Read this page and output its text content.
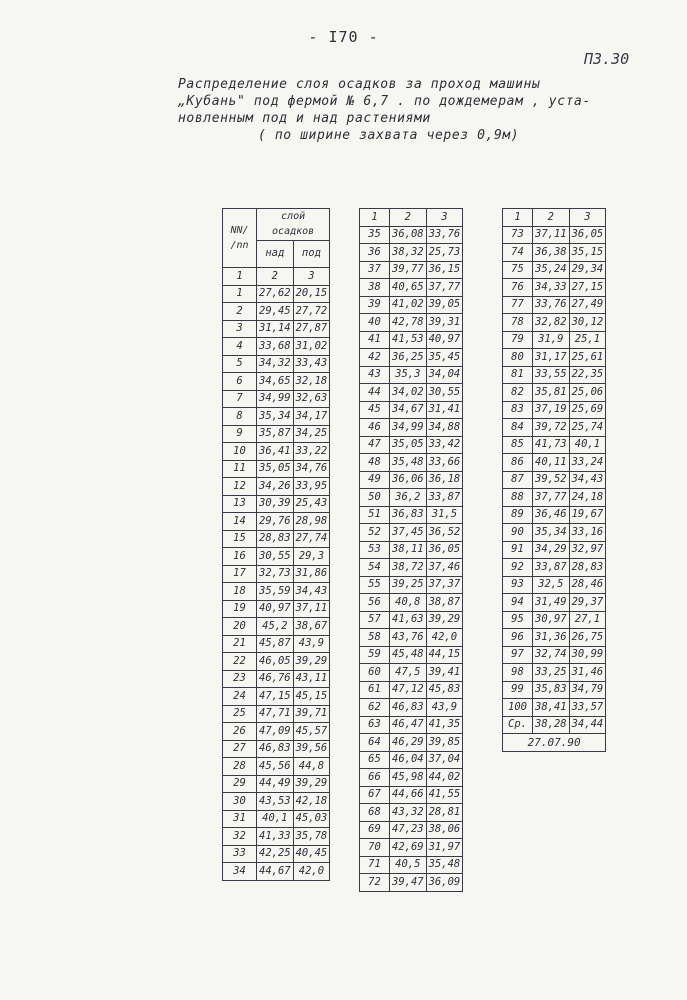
- I70 -
П3.30
Распределение слоя осадков за проход машины
„Кубань" под фермой № 6,7 . по дождемерам , уста-
новленным под и над растениями
( по ширине захвата через 0,9м)
NN/ /nn	слой осадков	
	над	под
1	2	3
1	27,62	20,15
2	29,45	27,72
3	31,14	27,87
4	33,68	31,02
5	34,32	33,43
6	34,65	32,18
7	34,99	32,63
8	35,34	34,17
9	35,87	34,25
10	36,41	33,22
11	35,05	34,76
12	34,26	33,95
13	30,39	25,43
14	29,76	28,98
15	28,83	27,74
16	30,55	29,3
17	32,73	31,86
18	35,59	34,43
19	40,97	37,11
20	45,2	38,67
21	45,87	43,9
22	46,05	39,29
23	46,76	43,11
24	47,15	45,15
25	47,71	39,71
26	47,09	45,57
27	46,83	39,56
28	45,56	44,8
29	44,49	39,29
30	43,53	42,18
31	40,1	45,03
32	41,33	35,78
33	42,25	40,45
34	44,67	42,0
1	2	3
35	36,08	33,76
36	38,32	25,73
37	39,77	36,15
38	40,65	37,77
39	41,02	39,05
40	42,78	39,31
41	41,53	40,97
42	36,25	35,45
43	35,3	34,04
44	34,02	30,55
45	34,67	31,41
46	34,99	34,88
47	35,05	33,42
48	35,48	33,66
49	36,06	36,18
50	36,2	33,87
51	36,83	31,5
52	37,45	36,52
53	38,11	36,05
54	38,72	37,46
55	39,25	37,37
56	40,8	38,87
57	41,63	39,29
58	43,76	42,0
59	45,48	44,15
60	47,5	39,41
61	47,12	45,83
62	46,83	43,9
63	46,47	41,35
64	46,29	39,85
65	46,04	37,04
66	45,98	44,02
67	44,66	41,55
68	43,32	28,81
69	47,23	38,06
70	42,69	31,97
71	40,5	35,48
72	39,47	36,09
1	2	3
73	37,11	36,05
74	36,38	35,15
75	35,24	29,34
76	34,33	27,15
77	33,76	27,49
78	32,82	30,12
79	31,9	25,1
80	31,17	25,61
81	33,55	22,35
82	35,81	25,06
83	37,19	25,69
84	39,72	25,74
85	41,73	40,1
86	40,11	33,24
87	39,52	34,43
88	37,77	24,18
89	36,46	19,67
90	35,34	33,16
91	34,29	32,97
92	33,87	28,83
93	32,5	28,46
94	31,49	29,37
95	30,97	27,1
96	31,36	26,75
97	32,74	30,99
98	33,25	31,46
99	35,83	34,79
100	38,41	33,57
Ср.	38,28	34,44
27.07.90		
